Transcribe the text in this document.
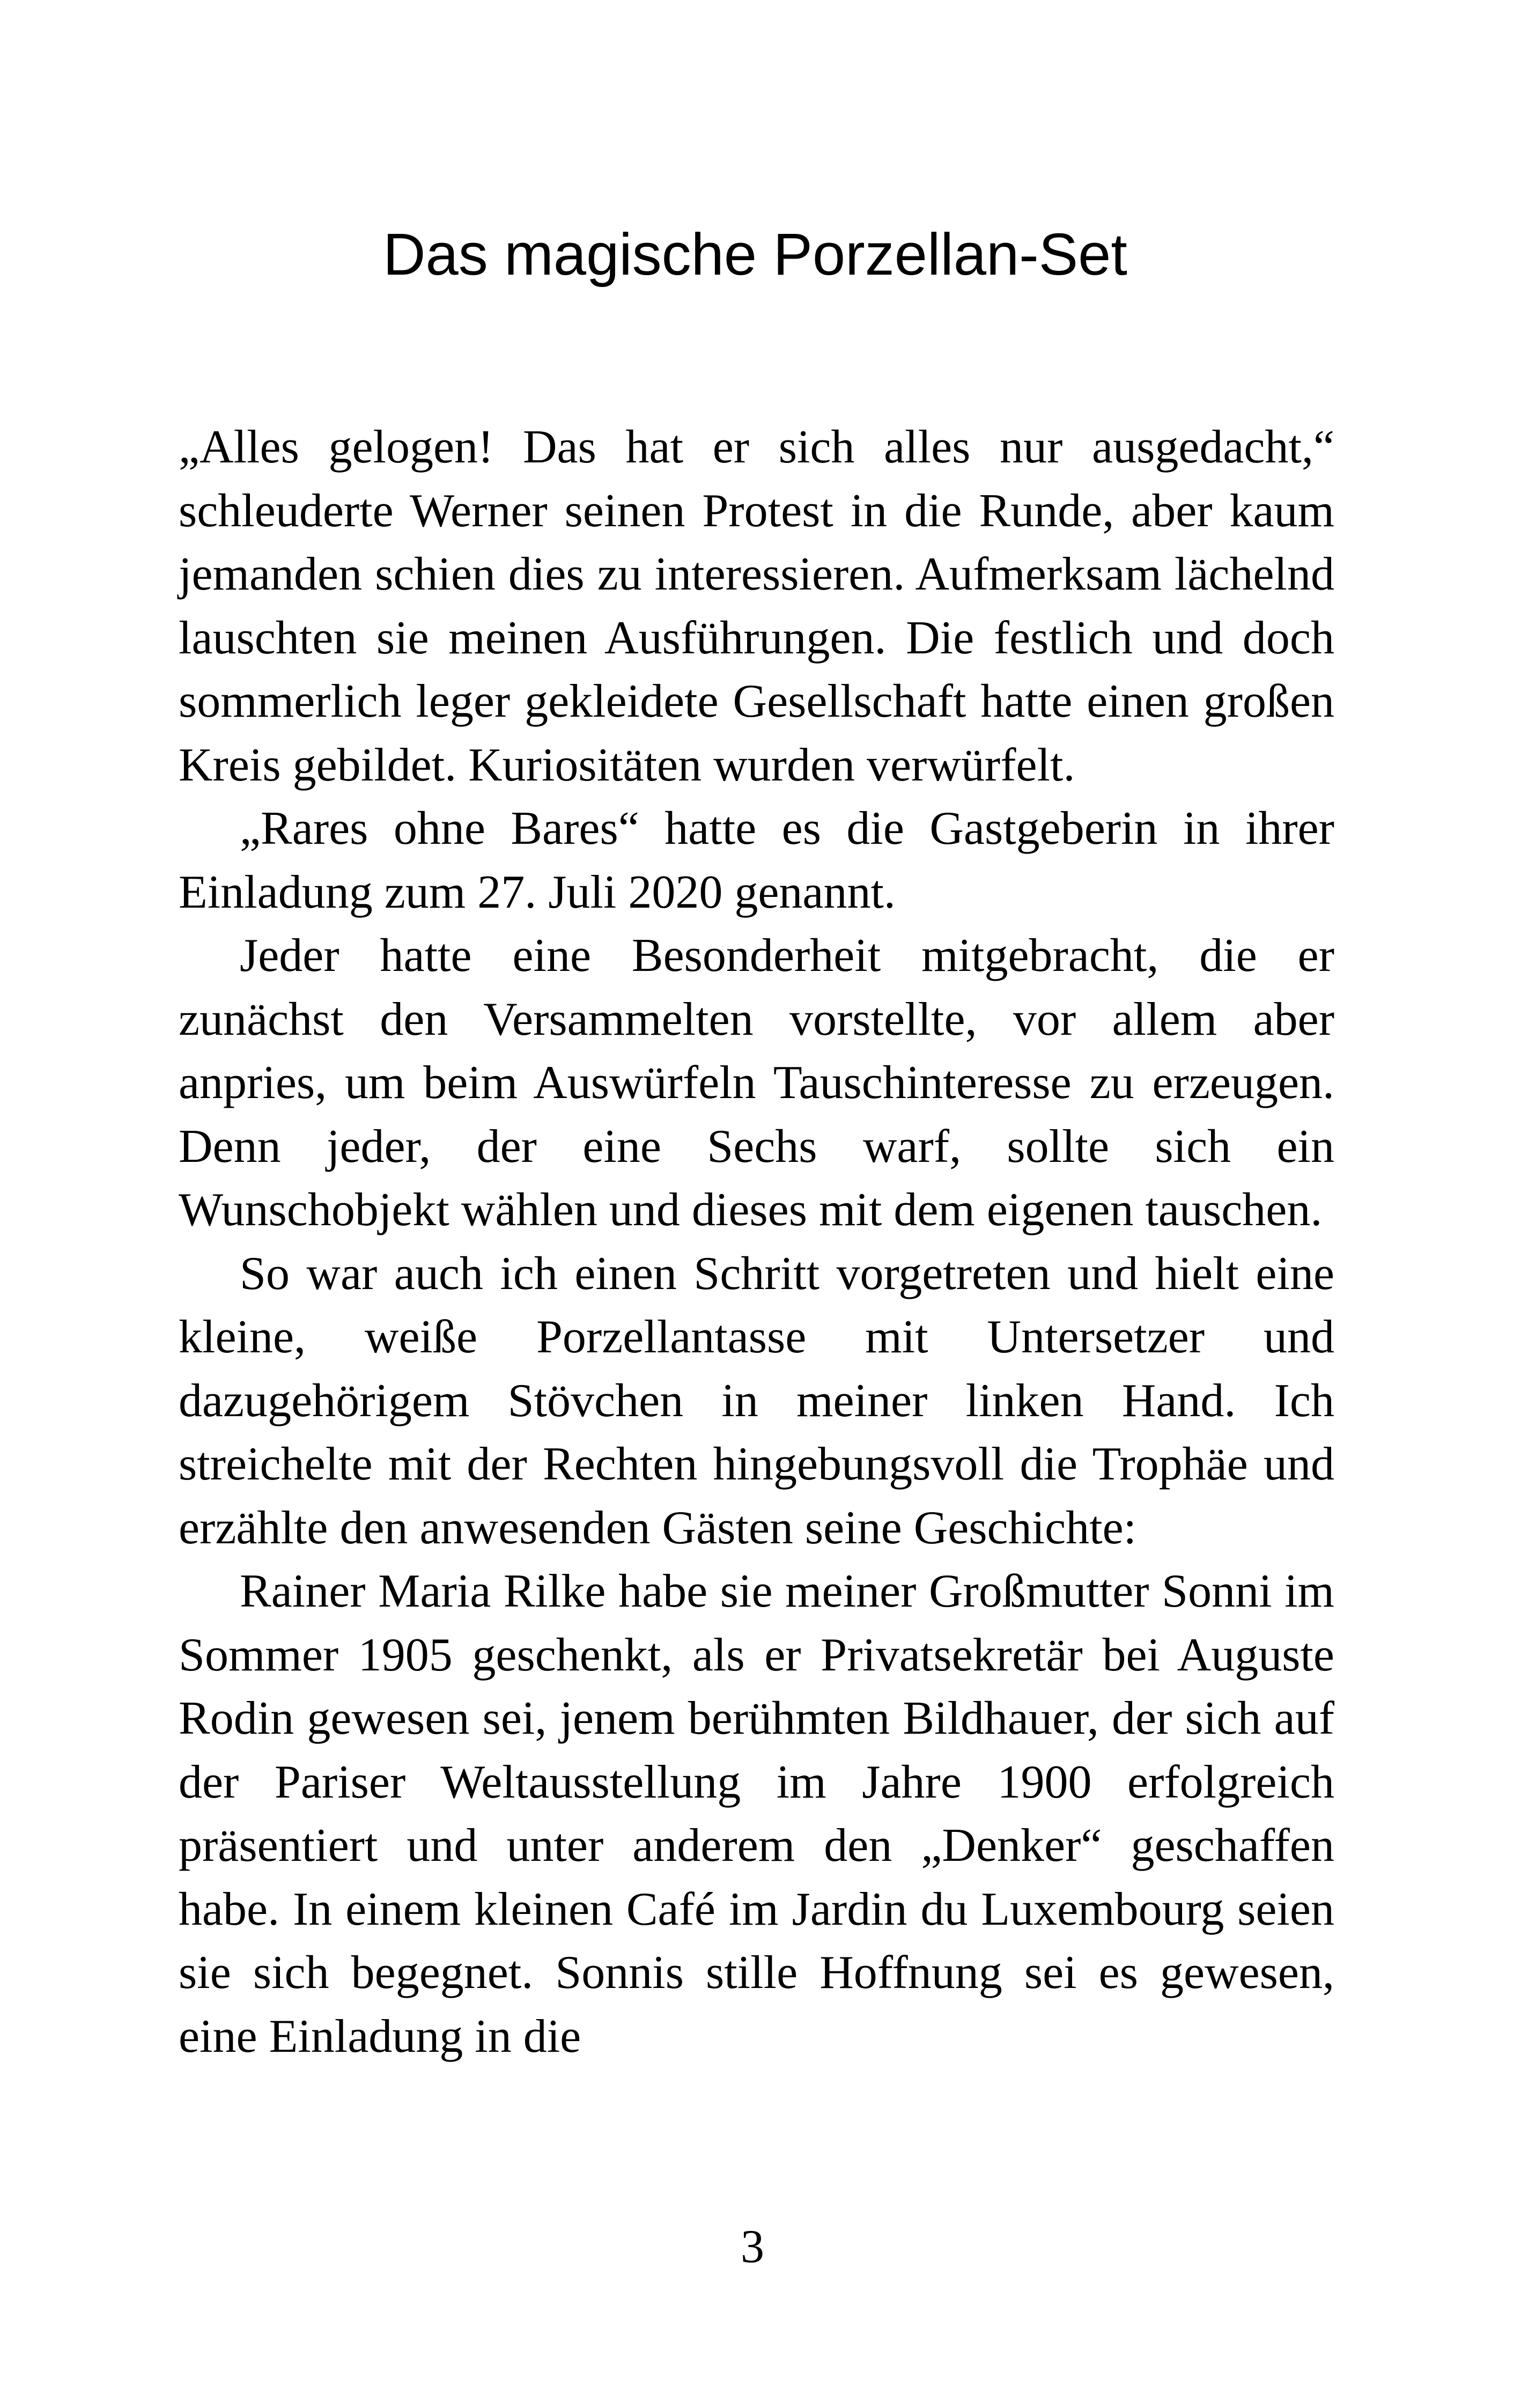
Das magische Porzellan-Set

„Alles gelogen! Das hat er sich alles nur ausgedacht,“ schleuderte Werner seinen Protest in die Runde, aber kaum jemanden schien dies zu interessieren. Aufmerksam lächelnd lauschten sie meinen Ausführungen. Die festlich und doch sommerlich leger gekleidete Gesellschaft hatte einen großen Kreis gebildet. Kuriositäten wurden verwürfelt.

„Rares ohne Bares“ hatte es die Gastgeberin in ihrer Einladung zum 27. Juli 2020 genannt.

Jeder hatte eine Besonderheit mitgebracht, die er zunächst den Versammelten vorstellte, vor allem aber anpries, um beim Auswürfeln Tauschinteresse zu erzeugen. Denn jeder, der eine Sechs warf, sollte sich ein Wunschobjekt wählen und dieses mit dem eigenen tauschen.

So war auch ich einen Schritt vorgetreten und hielt eine kleine, weiße Porzellantasse mit Untersetzer und dazugehörigem Stövchen in meiner linken Hand. Ich streichelte mit der Rechten hingebungsvoll die Trophäe und erzählte den anwesenden Gästen seine Geschichte:

Rainer Maria Rilke habe sie meiner Großmutter Sonni im Sommer 1905 geschenkt, als er Privatsekretär bei Auguste Rodin gewesen sei, jenem berühmten Bildhauer, der sich auf der Pariser Weltausstellung im Jahre 1900 erfolgreich präsentiert und unter anderem den „Denker“ geschaffen habe. In einem kleinen Café im Jardin du Luxembourg seien sie sich begegnet. Sonnis stille Hoffnung sei es gewesen, eine Einladung in die

3
